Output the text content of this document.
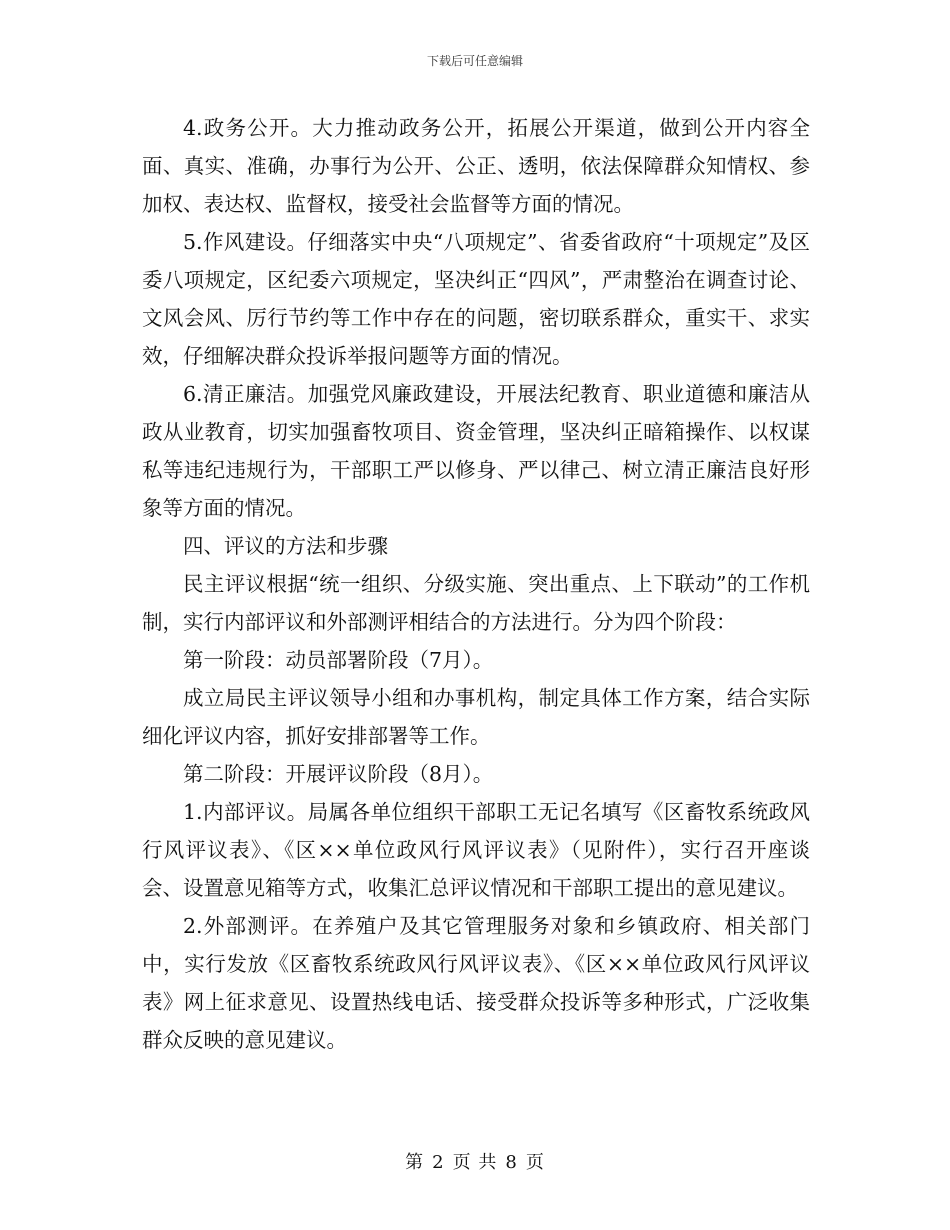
下载后可任意编辑

4.政务公开。大力推动政务公开，拓展公开渠道，做到公开内容全面、真实、准确，办事行为公开、公正、透明，依法保障群众知情权、参加权、表达权、监督权，接受社会监督等方面的情况。

5.作风建设。仔细落实中央“八项规定”、省委省政府“十项规定”及区委八项规定，区纪委六项规定，坚决纠正“四风”，严肃整治在调查讨论、文风会风、厉行节约等工作中存在的问题，密切联系群众，重实干、求实效，仔细解决群众投诉举报问题等方面的情况。

6.清正廉洁。加强党风廉政建设，开展法纪教育、职业道德和廉洁从政从业教育，切实加强畜牧项目、资金管理，坚决纠正暗箱操作、以权谋私等违纪违规行为，干部职工严以修身、严以律己、树立清正廉洁良好形象等方面的情况。

四、评议的方法和步骤

民主评议根据“统一组织、分级实施、突出重点、上下联动”的工作机制，实行内部评议和外部测评相结合的方法进行。分为四个阶段：

第一阶段：动员部署阶段（7月）。

成立局民主评议领导小组和办事机构，制定具体工作方案，结合实际细化评议内容，抓好安排部署等工作。

第二阶段：开展评议阶段（8月）。

1.内部评议。局属各单位组织干部职工无记名填写《区畜牧系统政风行风评议表》、《区××单位政风行风评议表》（见附件），实行召开座谈会、设置意见箱等方式，收集汇总评议情况和干部职工提出的意见建议。

2.外部测评。在养殖户及其它管理服务对象和乡镇政府、相关部门中，实行发放《区畜牧系统政风行风评议表》、《区××单位政风行风评议表》网上征求意见、设置热线电话、接受群众投诉等多种形式，广泛收集群众反映的意见建议。

第 2 页 共 8 页
